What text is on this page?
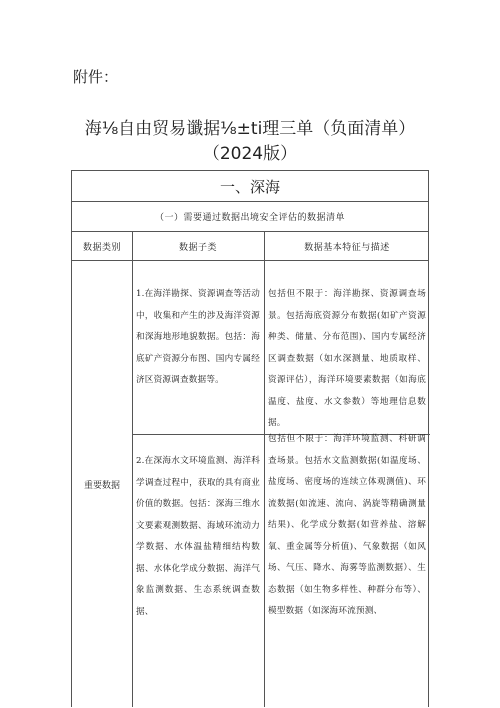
附件：
海⅛自由贸易谶据⅛±ti理三单（负面清单）
（2024版）
一、深海
（一）需要通过数据出境安全评估的数据清单
数据类别	数据子类	数据基本特征与描述
重要数据
1.在海洋勘探、资源调查等活动中，收集和产生的涉及海洋资源和深海地形地貌数据。包括：海底矿产资源分布图、国内专属经济区资源调查数据等。
包括但不限于：海洋勘探、资源调查场景。包括海底资源分布数据(如矿产资源种类、储量、分布范围)、国内专属经济区调查数据（如水深测量、地质取样、资源评估），海洋环境要素数据（如海底温度、盐度、水文参数）等地理信息数据。
2.在深海水文环境监测、海洋科学调查过程中，获取的具有商业价值的数据。包括：深海三维水文要素观测数据、海域环流动力学数据、水体温盐精细结构数据、水体化学成分数据、海洋气象监测数据、生态系统调查数据、
包括但不限于：海洋环境监测、科研调查场景。包括水文监测数据(如温度场、盐度场、密度场的连续立体观测值)、环流数据(如流速、流向、涡旋等精确测量结果)、化学成分数据(如营养盐、溶解氧、重金属等分析值)、气象数据（如风场、气压、降水、海雾等监测数据）、生态数据（如生物多样性、种群分布等）、模型数据（如深海环流预测、
